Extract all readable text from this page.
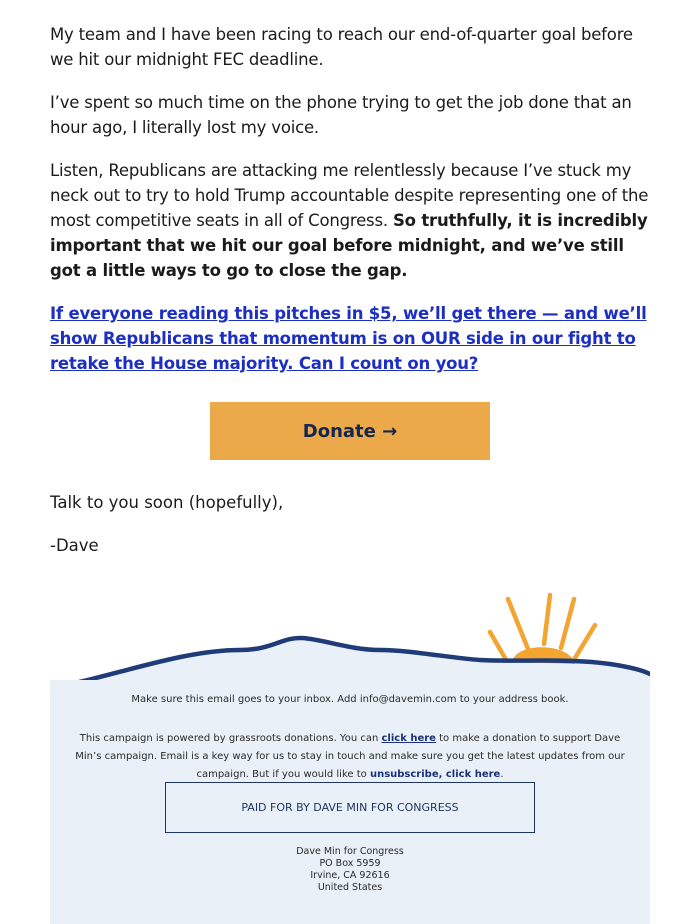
My team and I have been racing to reach our end-of-quarter goal before we hit our midnight FEC deadline.

I’ve spent so much time on the phone trying to get the job done that an hour ago, I literally lost my voice.

Listen, Republicans are attacking me relentlessly because I’ve stuck my neck out to try to hold Trump accountable despite representing one of the most competitive seats in all of Congress. So truthfully, it is incredibly important that we hit our goal before midnight, and we’ve still got a little ways to go to close the gap.

If everyone reading this pitches in $5, we’ll get there — and we’ll show Republicans that momentum is on OUR side in our fight to retake the House majority. Can I count on you?
Donate →

Talk to you soon (hopefully),

-Dave

Make sure this email goes to your inbox. Add info@davemin.com to your address book.

This campaign is powered by grassroots donations. You can click here to make a donation to support Dave Min’s campaign. Email is a key way for us to stay in touch and make sure you get the latest updates from our campaign. But if you would like to unsubscribe, click here.

PAID FOR BY DAVE MIN FOR CONGRESS
Dave Min for Congress
PO Box 5959
Irvine, CA 92616
United States
